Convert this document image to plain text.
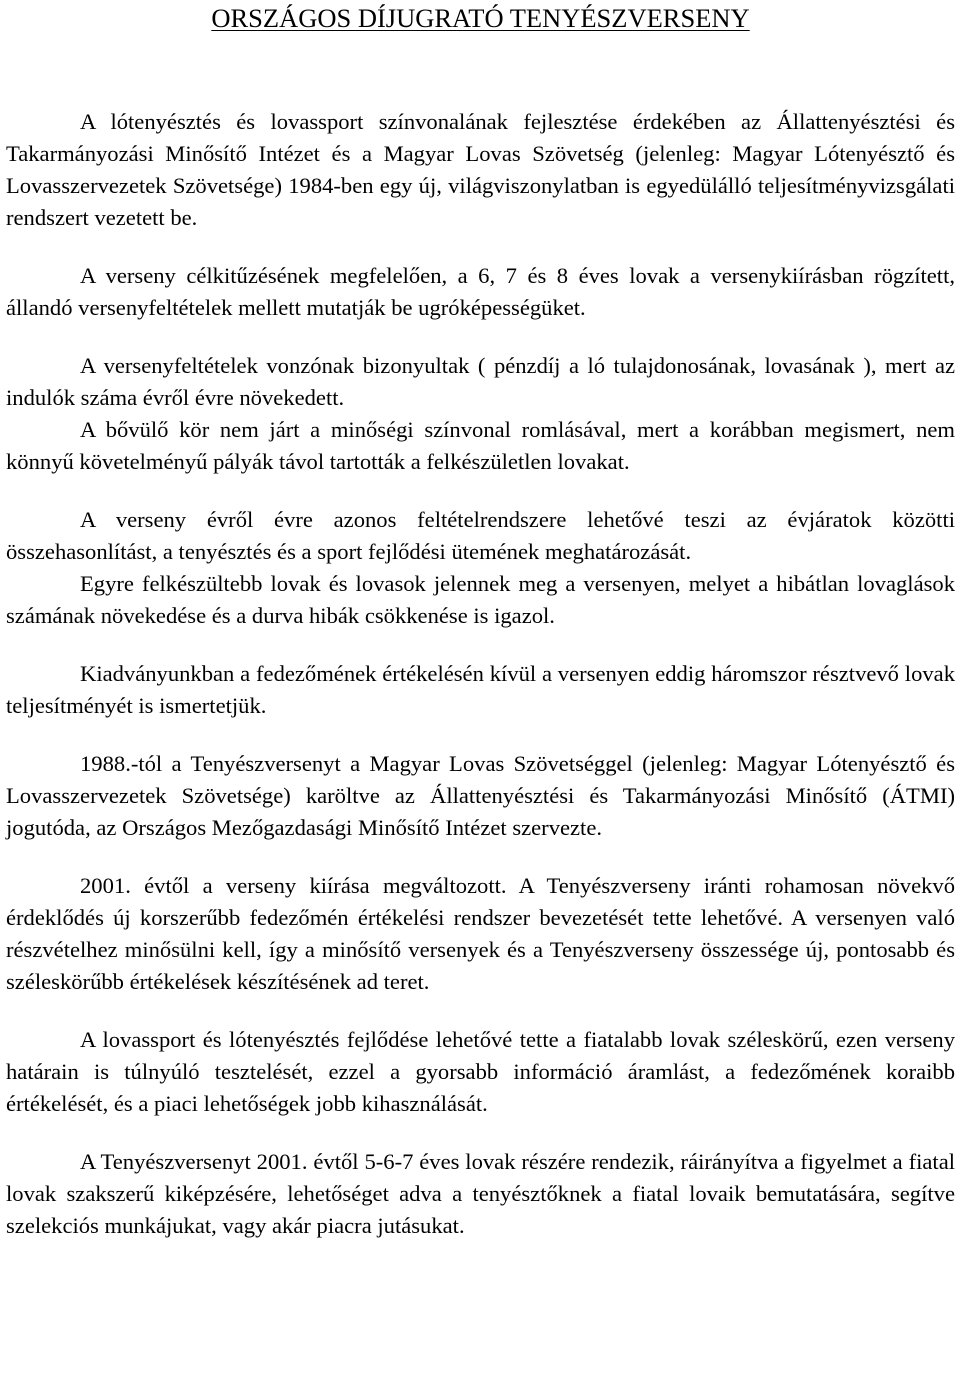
ORSZÁGOS DÍJUGRATÓ TENYÉSZVERSENY

A lótenyésztés és lovassport színvonalának fejlesztése érdekében az Állattenyésztési és Takarmányozási Minősítő Intézet és a Magyar Lovas Szövetség (jelenleg: Magyar Lótenyésztő és Lovasszervezetek Szövetsége) 1984-ben egy új, világviszonylatban is egyedülálló teljesítményvizsgálati rendszert vezetett be.

A verseny célkitűzésének megfelelően, a 6, 7 és 8 éves lovak a versenykiírásban rögzített, állandó versenyfeltételek mellett mutatják be ugróképességüket.

A versenyfeltételek vonzónak bizonyultak ( pénzdíj a ló tulajdonosának, lovasának ), mert az indulók száma évről évre növekedett.

A bővülő kör nem járt a minőségi színvonal romlásával, mert a korábban megismert, nem könnyű követelményű pályák távol tartották a felkészületlen lovakat.

A verseny évről évre azonos feltételrendszere lehetővé teszi az évjáratok közötti összehasonlítást, a tenyésztés és a sport fejlődési ütemének meghatározását.

Egyre felkészültebb lovak és lovasok jelennek meg a versenyen, melyet a hibátlan lovaglások számának növekedése és a durva hibák csökkenése is igazol.

Kiadványunkban a fedezőmének értékelésén kívül a versenyen eddig háromszor résztvevő lovak teljesítményét is ismertetjük.

1988.-tól a Tenyészversenyt a Magyar Lovas Szövetséggel (jelenleg: Magyar Lótenyésztő és Lovasszervezetek Szövetsége) karöltve az Állattenyésztési és Takarmányozási Minősítő (ÁTMI) jogutóda, az Országos Mezőgazdasági Minősítő Intézet szervezte.

2001. évtől a verseny kiírása megváltozott. A Tenyészverseny iránti rohamosan növekvő érdeklődés új korszerűbb fedezőmén értékelési rendszer bevezetését tette lehetővé. A versenyen való részvételhez minősülni kell, így a minősítő versenyek és a Tenyészverseny összessége új, pontosabb és széleskörűbb értékelések készítésének ad teret.

A lovassport és lótenyésztés fejlődése lehetővé tette a fiatalabb lovak széleskörű, ezen verseny határain is túlnyúló tesztelését, ezzel a gyorsabb információ áramlást, a fedezőmének koraibb értékelését, és a piaci lehetőségek jobb kihasználását.

A Tenyészversenyt 2001. évtől 5-6-7 éves lovak részére rendezik, ráirányítva a figyelmet a fiatal lovak szakszerű kiképzésére, lehetőséget adva a tenyésztőknek a fiatal lovaik bemutatására, segítve szelekciós munkájukat, vagy akár piacra jutásukat.
